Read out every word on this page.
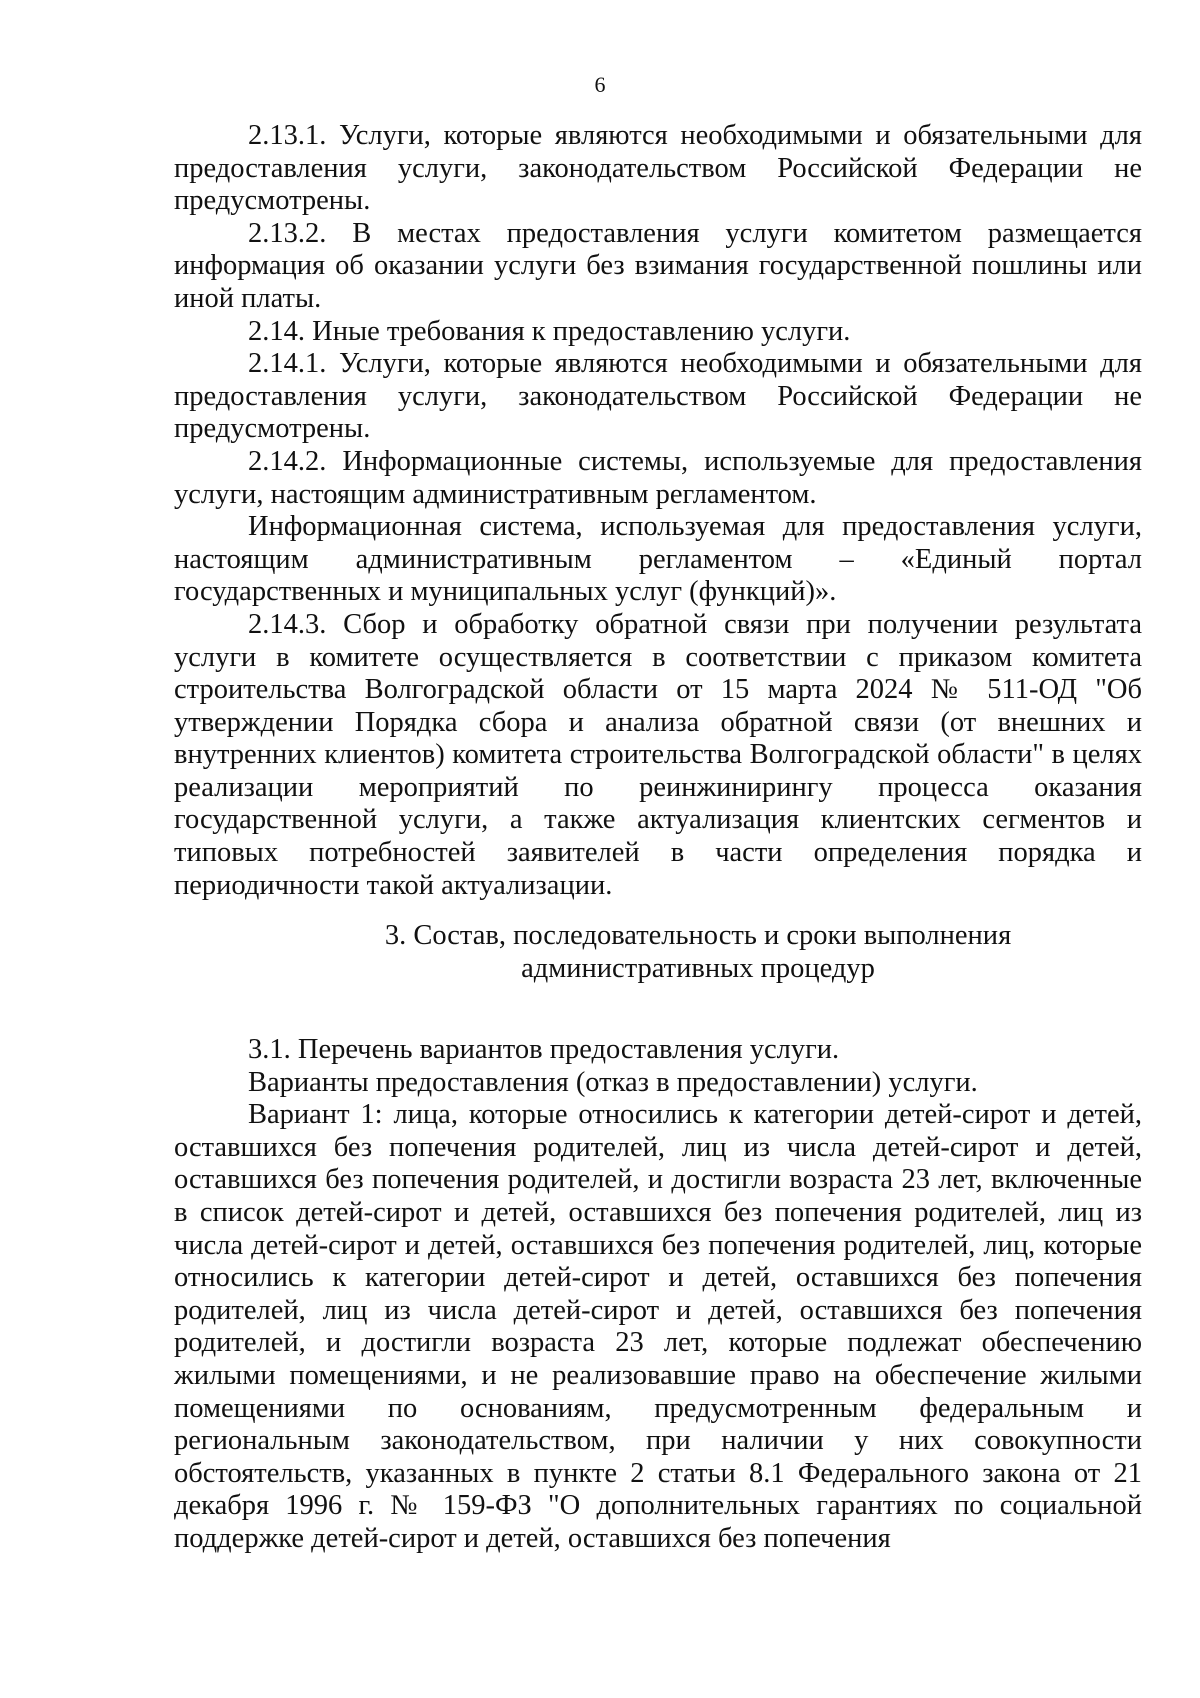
6

2.13.1. Услуги, которые являются необходимыми и обязательными для предоставления услуги, законодательством Российской Федерации не предусмотрены.

2.13.2. В местах предоставления услуги комитетом размещается информация об оказании услуги без взимания государственной пошлины или иной платы.

2.14. Иные требования к предоставлению услуги.

2.14.1. Услуги, которые являются необходимыми и обязательными для предоставления услуги, законодательством Российской Федерации не предусмотрены.

2.14.2. Информационные системы, используемые для предоставления услуги, настоящим административным регламентом.

Информационная система, используемая для предоставления услуги, настоящим административным регламентом – «Единый портал государственных и муниципальных услуг (функций)».

2.14.3. Сбор и обработку обратной связи при получении результата услуги в комитете осуществляется в соответствии с приказом комитета строительства Волгоградской области от 15 марта 2024 № 511-ОД "Об утверждении Порядка сбора и анализа обратной связи (от внешних и внутренних клиентов) комитета строительства Волгоградской области" в целях реализации мероприятий по реинжинирингу процесса оказания государственной услуги, а также актуализация клиентских сегментов и типовых потребностей заявителей в части определения порядка и периодичности такой актуализации.

3. Состав, последовательность и сроки выполнения
административных процедур

3.1. Перечень вариантов предоставления услуги.

Варианты предоставления (отказ в предоставлении) услуги.

Вариант 1: лица, которые относились к категории детей-сирот и детей, оставшихся без попечения родителей, лиц из числа детей-сирот и детей, оставшихся без попечения родителей, и достигли возраста 23 лет, включенные в список детей-сирот и детей, оставшихся без попечения родителей, лиц из числа детей-сирот и детей, оставшихся без попечения родителей, лиц, которые относились к категории детей-сирот и детей, оставшихся без попечения родителей, лиц из числа детей-сирот и детей, оставшихся без попечения родителей, и достигли возраста 23 лет, которые подлежат обеспечению жилыми помещениями, и не реализовавшие право на обеспечение жилыми помещениями по основаниям, предусмотренным федеральным и региональным законодательством, при наличии у них совокупности обстоятельств, указанных в пункте 2 статьи 8.1 Федерального закона от 21 декабря 1996 г. № 159-ФЗ "О дополнительных гарантиях по социальной поддержке детей-сирот и детей, оставшихся без попечения
